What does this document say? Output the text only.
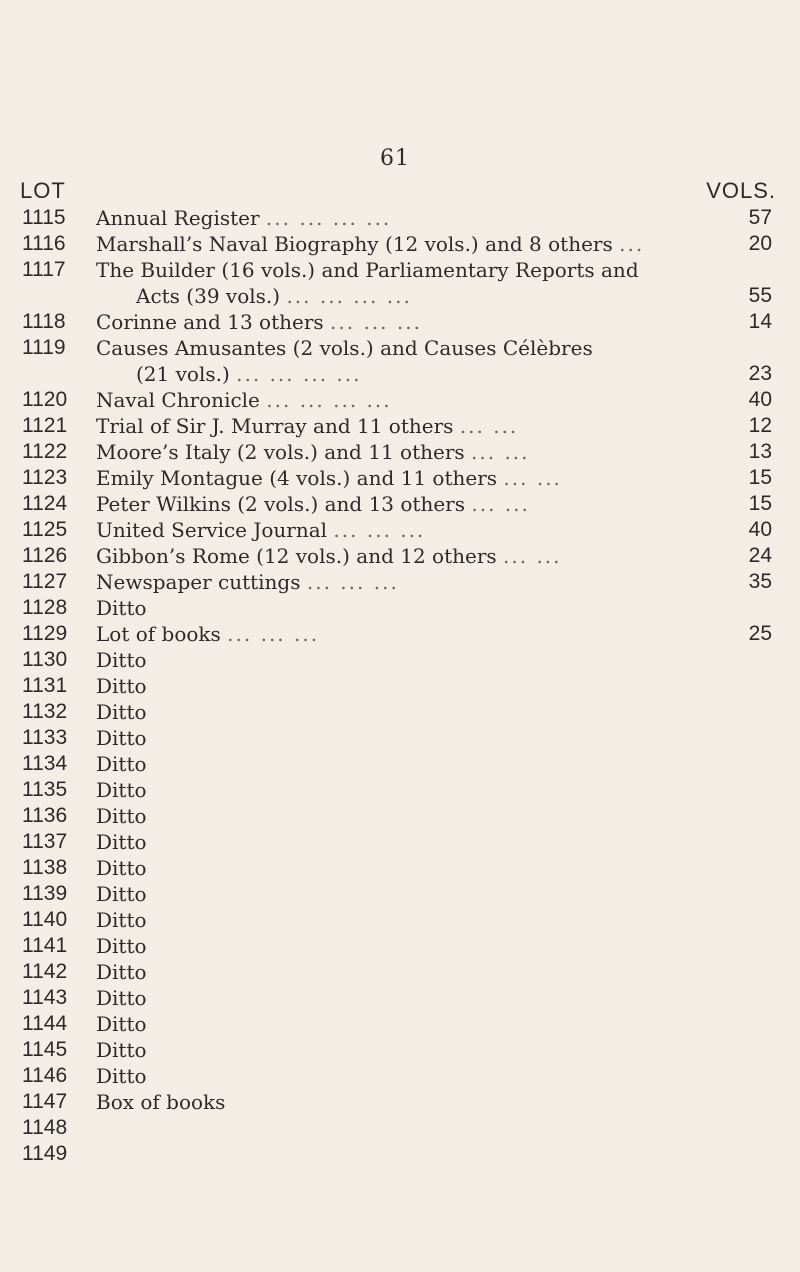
61
LOT	VOLS.
1115 Annual Register ... ... ... ...	57
1116 Marshall’s Naval Biography (12 vols.) and 8 others ...	20
1117 The Builder (16 vols.) and Parliamentary Reports and
Acts (39 vols.) ... ... ... ...	55
1118 Corinne and 13 others ... ... ...	14
1119 Causes Amusantes (2 vols.) and Causes Célèbres
(21 vols.) ... ... ... ...	23
1120 Naval Chronicle ... ... ... ...	40
1121 Trial of Sir J. Murray and 11 others ... ...	12
1122 Moore’s Italy (2 vols.) and 11 others ... ...	13
1123 Emily Montague (4 vols.) and 11 others ... ...	15
1124 Peter Wilkins (2 vols.) and 13 others ... ...	15
1125 United Service Journal ... ... ...	40
1126 Gibbon’s Rome (12 vols.) and 12 others ... ...	24
1127 Newspaper cuttings ... ... ...	35
1128 Ditto
1129 Lot of books ... ... ...	25
1130 Ditto
1131 Ditto
1132 Ditto
1133 Ditto
1134 Ditto
1135 Ditto
1136 Ditto
1137 Ditto
1138 Ditto
1139 Ditto
1140 Ditto
1141 Ditto
1142 Ditto
1143 Ditto
1144 Ditto
1145 Ditto
1146 Ditto
1147 Box of books
1148
1149
